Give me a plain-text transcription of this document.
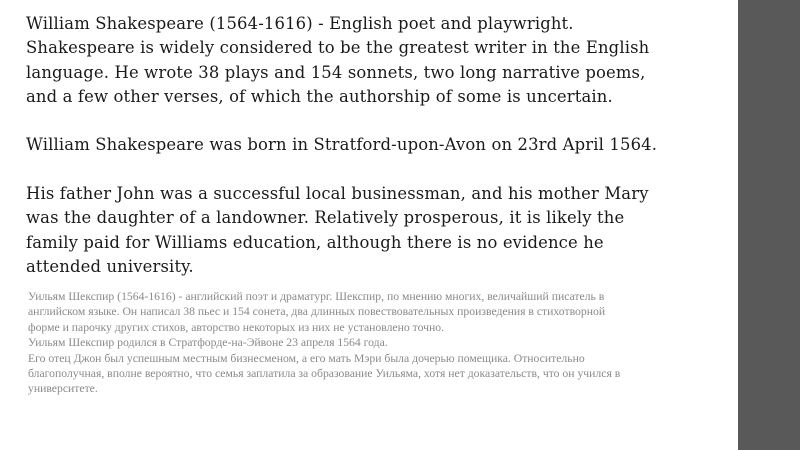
William Shakespeare (1564-1616) - English poet and playwright.

Shakespeare is widely considered to be the greatest writer in the English

language. He wrote 38 plays and 154 sonnets, two long narrative poems,

and a few other verses, of which the authorship of some is uncertain.

William Shakespeare was born in Stratford-upon-Avon on 23rd April 1564.

His father John was a successful local businessman, and his mother Mary

was the daughter of a landowner. Relatively prosperous, it is likely the

family paid for Williams education, although there is no evidence he

attended university.

Уильям Шекспир (1564-1616) - английский поэт и драматург. Шекспир, по мнению многих, величайший писатель в

английском языке. Он написал 38 пьес и 154 сонета, два длинных повествовательных произведения в стихотворной

форме и парочку других стихов, авторство некоторых из них не установлено точно.

Уильям Шекспир родился в Стратфорде-на-Эйвоне 23 апреля 1564 года.

Его отец Джон был успешным местным бизнесменом, а его мать Мэри была дочерью помещика. Относительно

благополучная, вполне вероятно, что семья заплатила за образование Уильяма, хотя нет доказательств, что он учился в

университете.
